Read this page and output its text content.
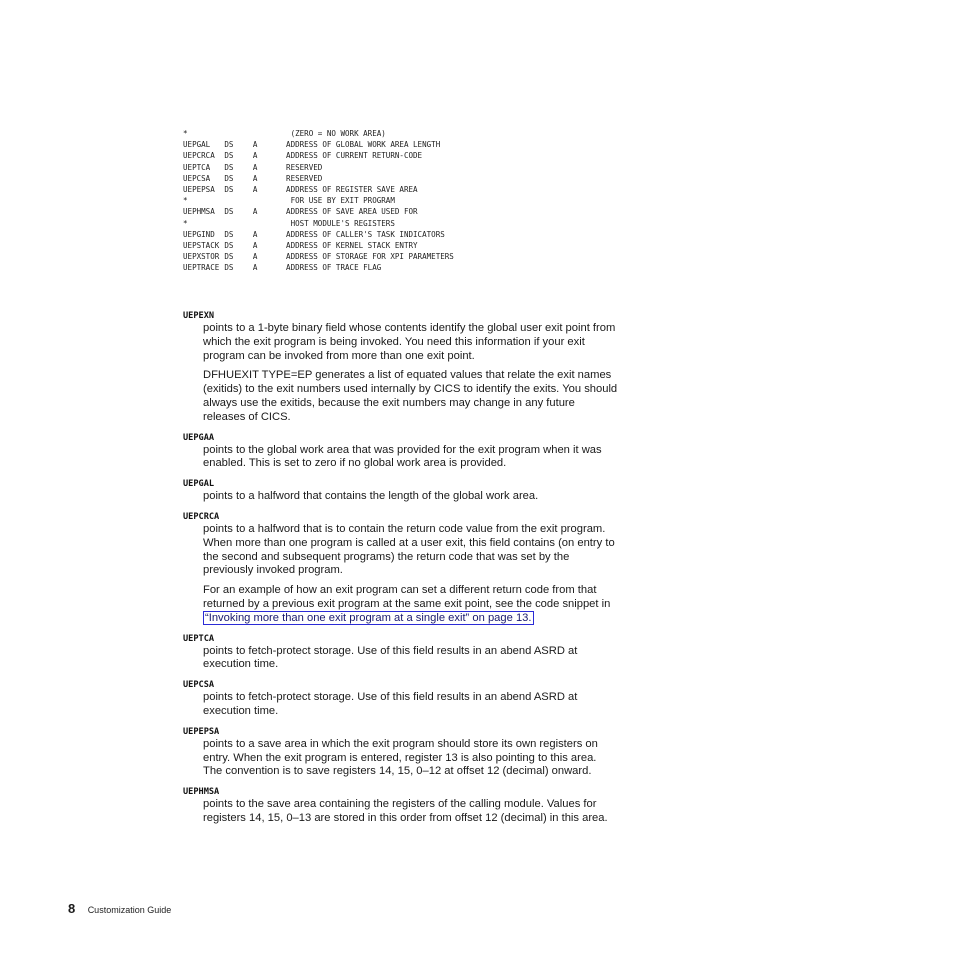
*	(ZERO = NO WORK AREA)
UEPGAL DS A	ADDRESS OF GLOBAL WORK AREA LENGTH
UEPCRCA DS A	ADDRESS OF CURRENT RETURN-CODE
UEPTCA DS A	RESERVED
UEPCSA DS A	RESERVED
UEPEPSA DS A	ADDRESS OF REGISTER SAVE AREA
*	FOR USE BY EXIT PROGRAM
UEPHMSA DS A	ADDRESS OF SAVE AREA USED FOR
*	HOST MODULE'S REGISTERS
UEPGIND DS A	ADDRESS OF CALLER'S TASK INDICATORS
UEPSTACK DS A	ADDRESS OF KERNEL STACK ENTRY
UEPXSTOR DS A	ADDRESS OF STORAGE FOR XPI PARAMETERS
UEPTRACE DS A	ADDRESS OF TRACE FLAG

UEPEXN

points to a 1-byte binary field whose contents identify the global user exit point from which the exit program is being invoked. You need this information if your exit program can be invoked from more than one exit point.

DFHUEXIT TYPE=EP generates a list of equated values that relate the exit names (exitids) to the exit numbers used internally by CICS to identify the exits. You should always use the exitids, because the exit numbers may change in any future releases of CICS.

UEPGAA

points to the global work area that was provided for the exit program when it was enabled. This is set to zero if no global work area is provided.

UEPGAL

points to a halfword that contains the length of the global work area.

UEPCRCA

points to a halfword that is to contain the return code value from the exit program. When more than one program is called at a user exit, this field contains (on entry to the second and subsequent programs) the return code that was set by the previously invoked program.

For an example of how an exit program can set a different return code from that returned by a previous exit program at the same exit point, see the code snippet in “Invoking more than one exit program at a single exit” on page 13.

UEPTCA

points to fetch-protect storage. Use of this field results in an abend ASRD at execution time.

UEPCSA

points to fetch-protect storage. Use of this field results in an abend ASRD at execution time.

UEPEPSA

points to a save area in which the exit program should store its own registers on entry. When the exit program is entered, register 13 is also pointing to this area. The convention is to save registers 14, 15, 0–12 at offset 12 (decimal) onward.

UEPHMSA

points to the save area containing the registers of the calling module. Values for registers 14, 15, 0–13 are stored in this order from offset 12 (decimal) in this area.

8 Customization Guide
